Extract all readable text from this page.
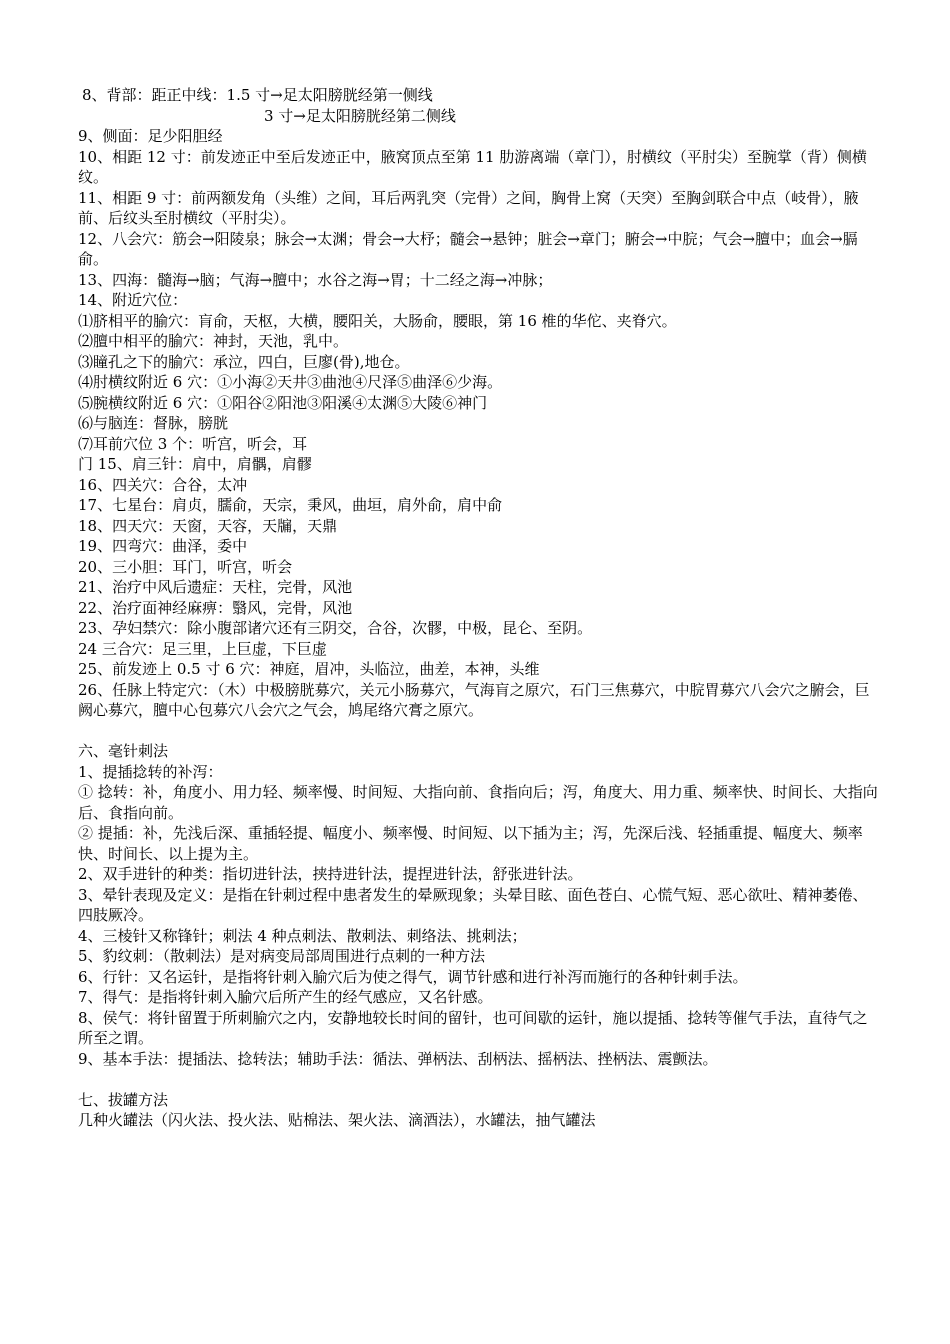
8、背部：距正中线：1.5 寸→足太阳膀胱经第一侧线

3 寸→足太阳膀胱经第二侧线

9、侧面：足少阳胆经

10、相距 12 寸：前发迹正中至后发迹正中，腋窝顶点至第 11 肋游离端（章门），肘横纹（平肘尖）至腕掌（背）侧横纹。

11、相距 9 寸：前两额发角（头维）之间，耳后两乳突（完骨）之间，胸骨上窝（天突）至胸剑联合中点（岐骨），腋前、后纹头至肘横纹（平肘尖）。

12、八会穴：筋会→阳陵泉；脉会→太渊；骨会→大杼；髓会→悬钟；脏会→章门；腑会→中脘；气会→膻中；血会→膈俞。

13、四海：髓海→脑；气海→膻中；水谷之海→胃；十二经之海→冲脉；

14、附近穴位：

⑴脐相平的腧穴：肓俞，天枢，大横，腰阳关，大肠俞，腰眼，第 16 椎的华佗、夹脊穴。

⑵膻中相平的腧穴：神封，天池，乳中。

⑶瞳孔之下的腧穴：承泣，四白，巨廖(骨),地仓。

⑷肘横纹附近 6 穴：①小海②天井③曲池④尺泽⑤曲泽⑥少海。

⑸腕横纹附近 6 穴：①阳谷②阳池③阳溪④太渊⑤大陵⑥神门

⑹与脑连：督脉，膀胱

⑺耳前穴位 3 个：听宫，听会，耳

门 15、肩三针：肩中，肩髃，肩髎

16、四关穴：合谷，太冲

17、七星台：肩贞，臑俞，天宗，秉风，曲垣，肩外俞，肩中俞

18、四天穴：天窗，天容，天牖，天鼎

19、四弯穴：曲泽，委中

20、三小胆：耳门，听宫，听会

21、治疗中风后遗症：天柱，完骨，风池

22、治疗面神经麻痹：翳风，完骨，风池

23、孕妇禁穴：除小腹部诸穴还有三阴交，合谷，次髎，中极，昆仑、至阴。

24 三合穴：足三里，上巨虚，下巨虚

25、前发迹上 0.5 寸 6 穴：神庭，眉冲，头临泣，曲差，本神，头维

26、任脉上特定穴：（木）中极膀胱募穴，关元小肠募穴，气海肓之原穴，石门三焦募穴，中脘胃募穴八会穴之腑会，巨阙心募穴，膻中心包募穴八会穴之气会，鸠尾络穴膏之原穴。

六、毫针刺法

1、提插捻转的补泻：

① 捻转：补，角度小、用力轻、频率慢、时间短、大指向前、食指向后；泻，角度大、用力重、频率快、时间长、大指向后、食指向前。

② 提插：补，先浅后深、重插轻提、幅度小、频率慢、时间短、以下插为主；泻，先深后浅、轻插重提、幅度大、频率快、时间长、以上提为主。

2、双手进针的种类：指切进针法，挟持进针法，提捏进针法，舒张进针法。

3、晕针表现及定义：是指在针刺过程中患者发生的晕厥现象；头晕目眩、面色苍白、心慌气短、恶心欲吐、精神萎倦、四肢厥冷。

4、三棱针又称锋针；刺法 4 种点刺法、散刺法、刺络法、挑刺法；

5、豹纹刺：（散刺法）是对病变局部周围进行点刺的一种方法

6、行针：又名运针，是指将针刺入腧穴后为使之得气，调节针感和进行补泻而施行的各种针刺手法。

7、得气：是指将针刺入腧穴后所产生的经气感应，又名针感。

8、侯气：将针留置于所刺腧穴之内，安静地较长时间的留针，也可间歇的运针，施以提插、捻转等催气手法，直待气之所至之谓。

9、基本手法：提插法、捻转法；辅助手法：循法、弹柄法、刮柄法、摇柄法、挫柄法、震颤法。

七、拔罐方法

几种火罐法（闪火法、投火法、贴棉法、架火法、滴酒法），水罐法，抽气罐法
